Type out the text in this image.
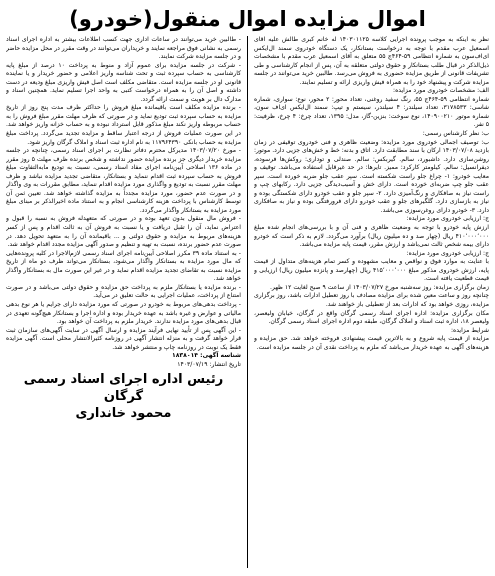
اموال مزایده اموال منقول(خودرو)

نظر به اینکه به موجب پرونده اجرایی کلاسه ۱۴۰۳۰۱۱۲۵ له خانم کبری طالش علیه آقای اسمعیل عرب مقدم با توجه به درخواست بستانکار، یک دستگاه خودروی سمند ال‌ایکس ای‌اف‌سون به شماره انتظامی ۵۹-۴۶۴ج ۵۵ متعلق به آقای اسمعیل عرب مقدم با مشخصات ذیل‌الذکر در قبال طلب بستانکار و حقوق دولتی متعلقه به آن، پس از انجام کارشناسی و طی تشریفات قانونی از طریق مزایده حضوری به فروش می‌رسد. طالبین خرید می‌توانند در جلسه مزایده شرکت و پیشنهاد خود را به همراه فیش واریزی ارائه و تسلیم نمایند.

الف: مشخصات خودروی مورد مزایده:

شماره انتظامی ۵۹-۴۶۴ج ۵۵، رنگ سفید روغنی، تعداد محور: ۲ محور، نوع: سواری، شماره شاسی: ۳۱۷۸۵۳۳، تعداد سیلندر: ۴ سیلندر، سیستم و تیپ: سمند ال‌ایکس ای‌اف سون، شماره موتور ۱۴۰۹۰۰۲۱۰، نوع سوخت: بنزین-گاز، مدل: ۱۳۹۵، تعداد چرخ: ۴ چرخ، ظرفیت: ۵ نفر.

ب: نظر کارشناس رسمی:

ب: توصیف اجمالی خودروی مورد مزایده: وضعیت ظاهری و فنی خودروی توقیفی در زمان بازدید ۱۴۰۳/۰۷/۰۸ ارکان با سند مطابقت دارد. اتاق و بدنه: خط و خش‌های جزیی دارد. موتور: روشن‌سازی دارد. داشبورد، سالم. گیربکس: سالم. صندلی و توداری: روکش‌ها فرسوده، دیفرانسیل: سالم. کیلومتر کارکرد: ممیز. تایرها: در حد غیرقابل استفاده می‌باشد. توقیف و معایب خودرو: ۱- چراغ جلو راست شکسته است. سپر عقب جلو ضربه خورده است. سپر عقب جلو چپ ضربه‌ای خورده است. دارای خش و آسیب‌دیدگی جزیی دارد. رکابهای چپ و راست نیاز به صافکاری و رنگ‌آمیزی دارد. ۲- سپر جلو و عقب خودرو دارای شکستگی بوده و نیاز به بازسازی دارد. گلگیرهای جلو و عقب خودرو دارای فرورفتگی بوده و نیاز به صافکاری دارد. ۳- خودرو دارای روغن‌سوزی می‌باشد.

ج: ارزیابی خودروی مورد مزایده:

ارزش پایه خودرو با توجه به وضعیت ظاهری و فنی آن و با بررسی‌های انجام شده مبلغ ۴۱۰٬۰۰۰٬۰۰۰ ریال (چهار صد و ده میلیون ریال) برآورد می‌گردد. لازم به ذکر است که خودرو دارای بیمه شخص ثالث نمی‌باشد و ارزش مقرر، قیمت پایه مزایده می‌باشد.

ج: ارزیابی خودروی مورد مزایده:

با عنایت به موارد فوق و نواقص و معایب مشهوده و کسر تمام هزینه‌های متداول از قیمت پایه، ارزش خودروی مذکور مبلغ ۴۱۵٬۰۰۰٬۰۰۰ ریال (چهارصد و پانزده میلیون ریال) ارزیابی و قیمت قطعیت یافته است.

زمان برگزاری مزایده: روز سه‌شنبه مورخ ۱۴۰۳/۰۷/۲۷ از ساعت ۹ صبح لغایت ۱۲ ظهر.

چنانچه روز و ساعت معین شده برای مزایده مصادف با روز تعطیل ادارات باشد، روز برگزاری مزایده، روزی خواهد بود که ادارات بعد از تعطیلی باز خواهند شد.

مکان برگزاری مزایده: اداره اجرای اسناد رسمی گرگان واقع در گرگان، خیابان ولیعصر، ولیعصر ۱۸، اداره ثبت اسناد و املاک گرگان، طبقه دوم اداره اجرای اسناد رسمی گرگان.

شرایط مزایده:

مزایده از قیمت پایه شروع و به بالاترین قیمت پیشنهادی فروخته خواهد شد. حق مزایده و هزینه‌های آگهی به عهده خریدار می‌باشد که ملزم به پرداخت نقدی آن در جلسه مزایده است.

- طالبین خرید می‌توانند در ساعات اداری جهت کسب اطلاعات بیشتر به اداره اجرای اسناد رسمی به نشانی فوق مراجعه نمایند و خریداران می‌توانند در وقت مقرر در محل مزایده حاضر و در جلسه مزایده شرکت نمایند.

- شرکت در جلسه مزایده برای عموم آزاد و منوط به پرداخت ۱۰ درصد از مبلغ پایه کارشناسی به حساب سپرده ثبت و تحت شناسه واریز اعلامی و حضور خریدار و یا نماینده قانونی او در جلسه مزایده است. متقاضی مکلف است اصل فیش واریزی مبلغ ودیعه در دست داشته و اصل آن را به همراه درخواست کتبی به واحد اجرا تسلیم نماید. همچنین اسناد و مدارک دال بر هویت و سمت ارائه گردد.

- برنده مزایده مکلف است باقیمانده مبلغ فروش را حداکثر ظرف مدت پنج روز از تاریخ مزایده به حساب سپرده ثبت تودیع نماید و در صورتی که ظرف مهلت مقرر مبلغ فروش را به حساب مربوطه واریز نکند مبلغ مذکور قابل استرداد نبوده و به حساب خزانه واریز خواهد شد. در این صورت عملیات فروش از درجه اعتبار ساقط و مزایده تجدید می‌گردد. پرداخت مبلغ مزایده به حساب بانکی ۱۱۷۹۶۴۳۹۰ به نام اداره ثبت اسناد و املاک گرگان واریز شود.

- مورخ ۱۴۰۳/۰۷/۲۰ مدیرکل محترم دفاتر نظارت بر اجرای اسناد رسمی، چنانچه در جلسه مزایده خریدار دیگری جز برنده مزایده حضور نداشته و شخص برنده ظرف مهلت ۵ روز مقرر در ماده ۱۳۶ اصلاحی آیین‌نامه اجرای مفاد اسناد رسمی، نسبت به تودیع مابه‌التفاوت مبلغ فروش به حساب سپرده ثبت اقدام ننماید و بستانکار، متقاضی تجدید مزایده نباشد و ظرف مهلت مقرر نسبت به تودیع و واگذاری مورد مزایده اقدام ننماید، مطابق مقررات به وی واگذار و در صورت عدم حضور، مورد مزایده مجدداً به مزایده گذاشته خواهد شد. تعیین ثمن آن توسط کارشناس با پرداخت هزینه کارشناسی انجام و به استناد ماده اخیرالذکر بر مبنای مبلغ مورد مزایده به بستانکار واگذار می‌گردد.

- فروش مال منقول بدون تعهد بوده و در صورتی که متعهدله فروش به نسبه را قبول و اعتراض نماید، آن را تقبل دریافت و یا نسبت به فروش آن به ثالث اقدام و پس از کسر هزینه‌های مربوط به مزایده و حقوق دولتی و ... باقیمانده آن را به متعهد تحویل دهد. در صورت عدم حضور برنده، نسبت به تهیه و تنظیم و صدور آگهی مزایده مجدد اقدام خواهد شد.

- به استناد ماده ۳۹ مکرر اصلاحی آیین‌نامه اجرای اسناد رسمی لازم‌الاجرا در کلیه پرونده‌هایی که مال مورد مزایده به بستانکار واگذار می‌شود، بستانکار می‌تواند ظرف دو ماه از تاریخ مزایده نسبت به تقاضای تجدید مزایده اقدام نماید و در غیر این صورت مال به بستانکار واگذار خواهد شد.

- برنده مزایده یا بستانکار ملزم به پرداخت حق مزایده و حقوق دولتی می‌باشد و در صورت امتناع از پرداخت، عملیات اجرایی به حالت تعلیق در می‌آید.

- پرداخت بدهی‌های مربوط به خودرو در صورتی که مورد مزایده دارای جرایم یا هر نوع بدهی مالیاتی و عوارض و غیره باشد به عهده خریدار بوده و اداره اجرا و بستانکار هیچ‌گونه تعهدی در قبال بدهی‌های مورد مزایده ندارند. خریدار ملزم به پرداخت آن خواهد بود.

- این آگهی پس از تأیید نهایی فرآیند مزایده و ارسال آگهی در سایت آگهی‌های سازمان ثبت قرار خواهد گرفت و به منزله انتشار آگهی در روزنامه کثیرالانتشار محلی است. آگهی مزایده فقط یک نوبت در روزنامه چاپ و منتشر خواهد شد.

شناسه آگهی: ۱۸۳۸۰۱۴

تاریخ انتشار: ۱۴۰۳/۰۷/۱۹

رئیس اداره اجرای اسناد رسمی گرگان
محمود خانداری
